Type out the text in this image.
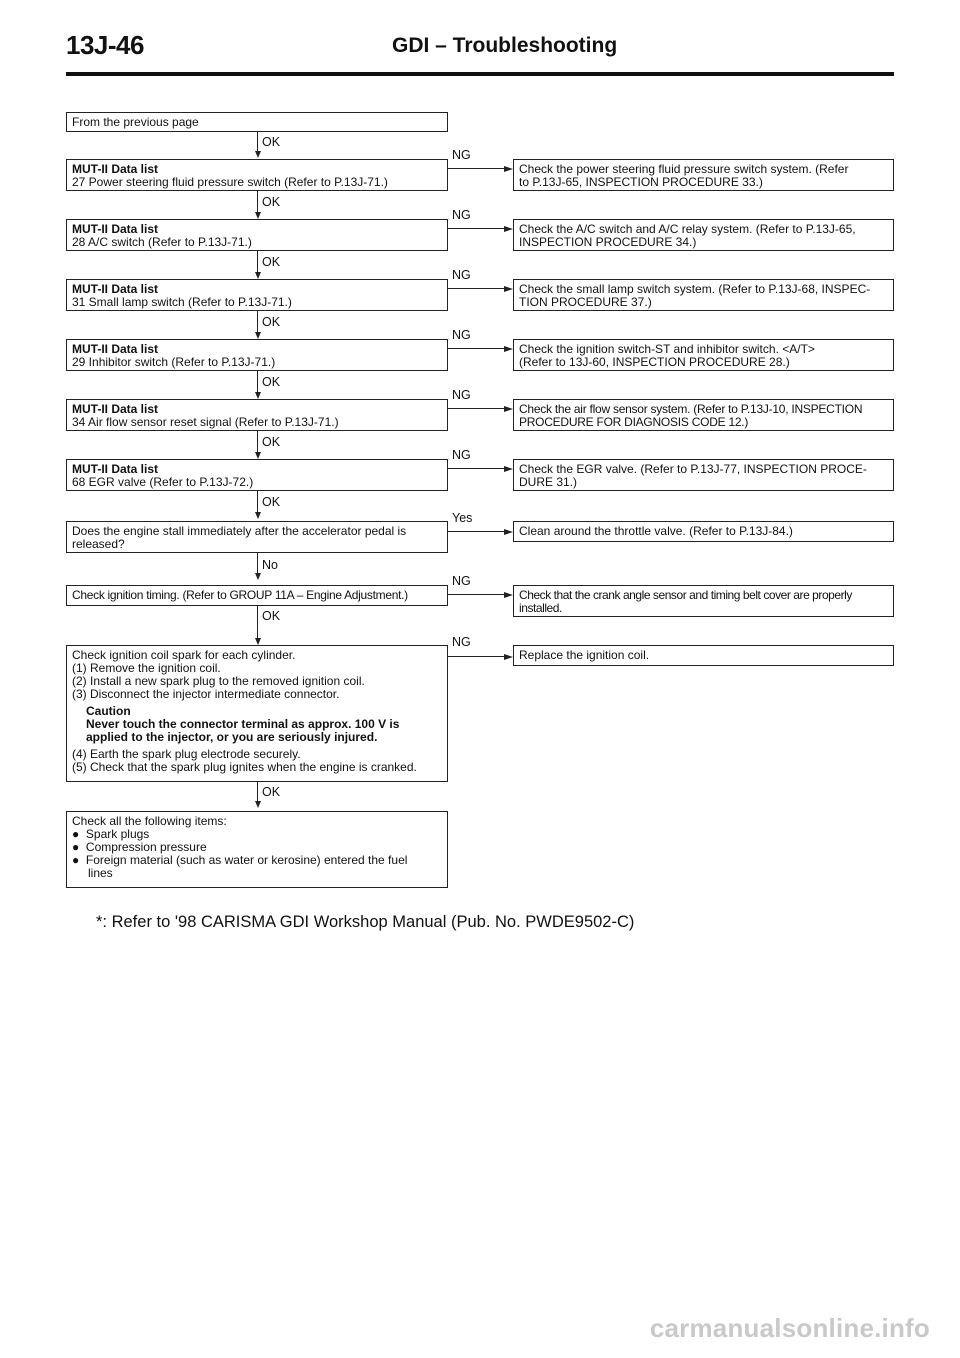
13J-46	GDI – Troubleshooting
From the previous page
OK
MUT-II Data list
27 Power steering fluid pressure switch (Refer to P.13J-71.)
NG
Check the power steering fluid pressure switch system. (Refer
to P.13J-65, INSPECTION PROCEDURE 33.)
OK
MUT-II Data list
28 A/C switch (Refer to P.13J-71.)
NG
Check the A/C switch and A/C relay system. (Refer to P.13J-65,
INSPECTION PROCEDURE 34.)
OK
MUT-II Data list
31 Small lamp switch (Refer to P.13J-71.)
NG
Check the small lamp switch system. (Refer to P.13J-68, INSPEC-
TION PROCEDURE 37.)
OK
MUT-II Data list
29 Inhibitor switch (Refer to P.13J-71.)
NG
Check the ignition switch-ST and inhibitor switch. <A/T>
(Refer to 13J-60, INSPECTION PROCEDURE 28.)
OK
MUT-II Data list
34 Air flow sensor reset signal (Refer to P.13J-71.)
NG
Check the air flow sensor system. (Refer to P.13J-10, INSPECTION
PROCEDURE FOR DIAGNOSIS CODE 12.)
OK
MUT-II Data list
68 EGR valve (Refer to P.13J-72.)
NG
Check the EGR valve. (Refer to P.13J-77, INSPECTION PROCE-
DURE 31.)
OK
Does the engine stall immediately after the accelerator pedal is
released?
Yes
Clean around the throttle valve. (Refer to P.13J-84.)
No
Check ignition timing. (Refer to GROUP 11A – Engine Adjustment.)
NG
Check that the crank angle sensor and timing belt cover are properly
installed.
OK
Check ignition coil spark for each cylinder.
(1) Remove the ignition coil.
(2) Install a new spark plug to the removed ignition coil.
(3) Disconnect the injector intermediate connector.
Caution
Never touch the connector terminal as approx. 100 V is
applied to the injector, or you are seriously injured.
(4) Earth the spark plug electrode securely.
(5) Check that the spark plug ignites when the engine is cranked.
NG
Replace the ignition coil.
OK
Check all the following items:
●  Spark plugs
●  Compression pressure
●  Foreign material (such as water or kerosine) entered the fuel
lines
*: Refer to '98 CARISMA GDI Workshop Manual (Pub. No. PWDE9502-C)
carmanualsonline.info
